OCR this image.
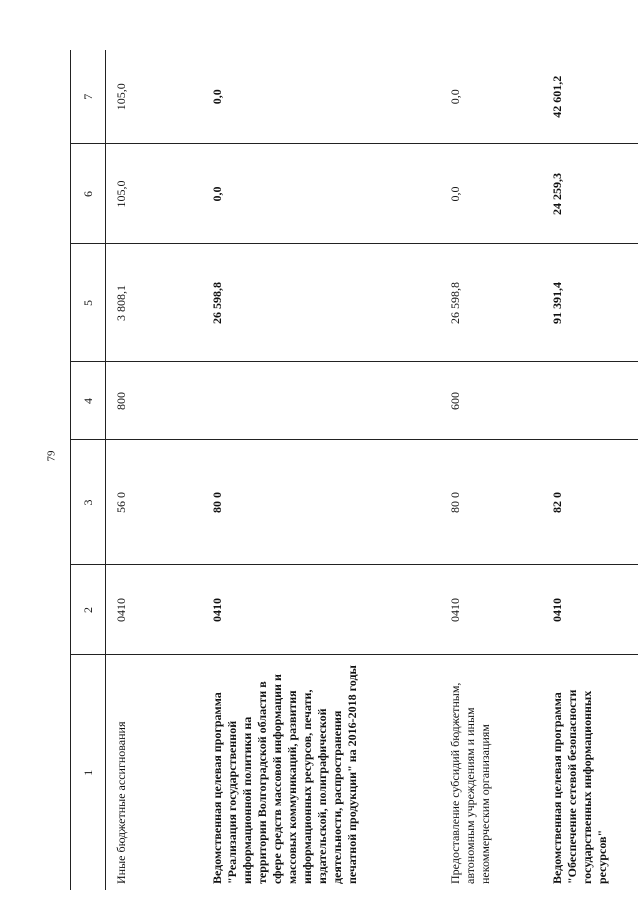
79
1	2	3	4	5	6	7
Иные бюджетные ассигнования	0410	56 0	800	3 808,1	105,0	105,0
Ведомственная целевая программа "Реализация государственной информационной политики на территории Волгоградской области в сфере средств массовой информации и массовых коммуникаций, развития информационных ресурсов, печати, издательской, полиграфической деятельности, распространения печатной продукции" на 2016-2018 годы	0410	80 0		26 598,8	0,0	0,0
Предоставление субсидий бюджетным, автономным учреждениям и иным некоммерческим организациям	0410	80 0	600	26 598,8	0,0	0,0
Ведомственная целевая программа "Обеспечение сетевой безопасности государственных информационных ресурсов"	0410	82 0		91 391,4	24 259,3	42 601,2
